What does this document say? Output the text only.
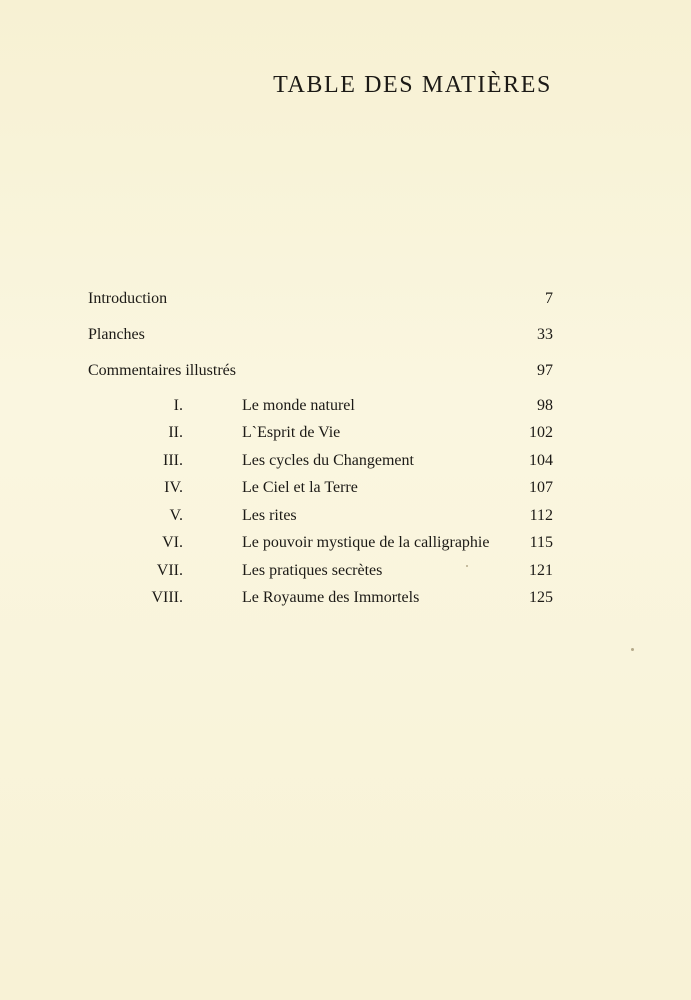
TABLE DES MATIÈRES
Introduction	7
Planches	33
Commentaires illustrés	97
I.	Le monde naturel	98
II.	L`Esprit de Vie	102
III.	Les cycles du Changement	104
IV.	Le Ciel et la Terre	107
V.	Les rites	112
VI.	Le pouvoir mystique de la calligraphie	115
VII.	Les pratiques secrètes	121
VIII.	Le Royaume des Immortels	125
